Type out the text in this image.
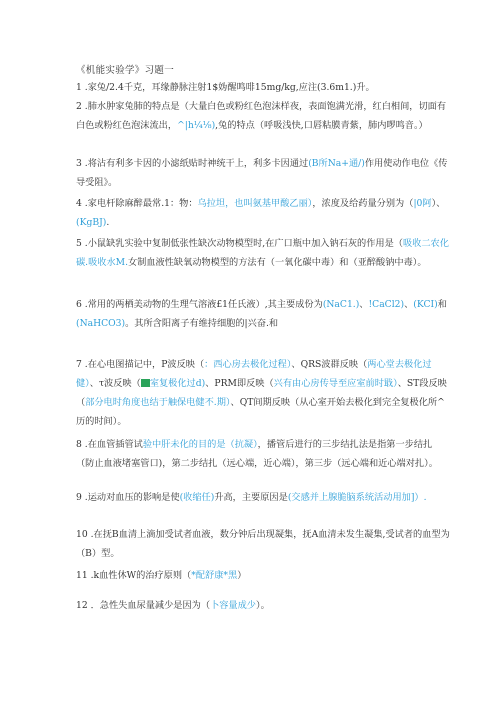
《机能实验学》习题一
1 .家兔/2.4千克，耳缘静脉注射1$妫醒鸣啡15mg/kg,应注(3.6m1.)升。
2 .肺水肿家兔肺的特点是（大量白色或粉红色泡沫样夜，表面饱满光滑，红白相间，切面有白色或粉红色泡沫流出，^|h¼⅛),兔的特点（呼吸浅快,口唇粘膜青紫，肺内啰鸣音。）
3 .将沾有利多卡因的小滤纸贴时神统干上，利多卡因通过(B所Na+通/)作用使动作电位《传导受阻》。
4 .家电杆除麻醉最常.1：物：乌拉坦，也叫氨基甲酸乙丽），浓度及给药量分别为（|0阿）、(KgBJ).
5 .小鼠缺乳实验中复制低张性缺次动物模型时,在广口瓶中加入钠石灰的作用是（吸收二农化碳.吸收水M.女制血液性缺氧动物模型的方法有（一氧化碳中毒）和（亚醉酸钠中毒）。
6 .常用的两栖美动物的生理气溶液£1任氏液）,其主要成份为(NaC1.)、!CaCl2)、(KCI)和(NaHCO3)。其所含阳离子有维持细胞的|兴奋.和
7 .在心电图描记中，P波反映（：西心房去极化过程）、QRS波群反映（两心堂去极化过健）、τ波反映（ 室复极化过d)、PRM即反映（兴有由心房传导至应室前时戢）、ST段反映（部分电时角度也结于触保电健不.期）、QT间期反映（从心室开始去极化到完全复极化所^历的时间）。
8 .在血管插管试验中肝未化的目的是（抗凝），播管后进行的三步结扎法是指第一步结扎（防止血液堵塞管口)，第二步结扎（远心端，近心端），第三步（远心端和近心端对扎）。
9 .运动对血压的影响是使(收缩任)升高，主要原因是(交感并上腺脆脑系统活动用加]）.
10 .在抚B血清上滴加受试者血液，数分钟后出现凝集，抚A血清未发生凝集,受试者的血型为（B）型。
11 .k血性休W的治疗原则（*配舒康*黑）
12 ．急性失血尿量减少是因为（卜容量成少）。
